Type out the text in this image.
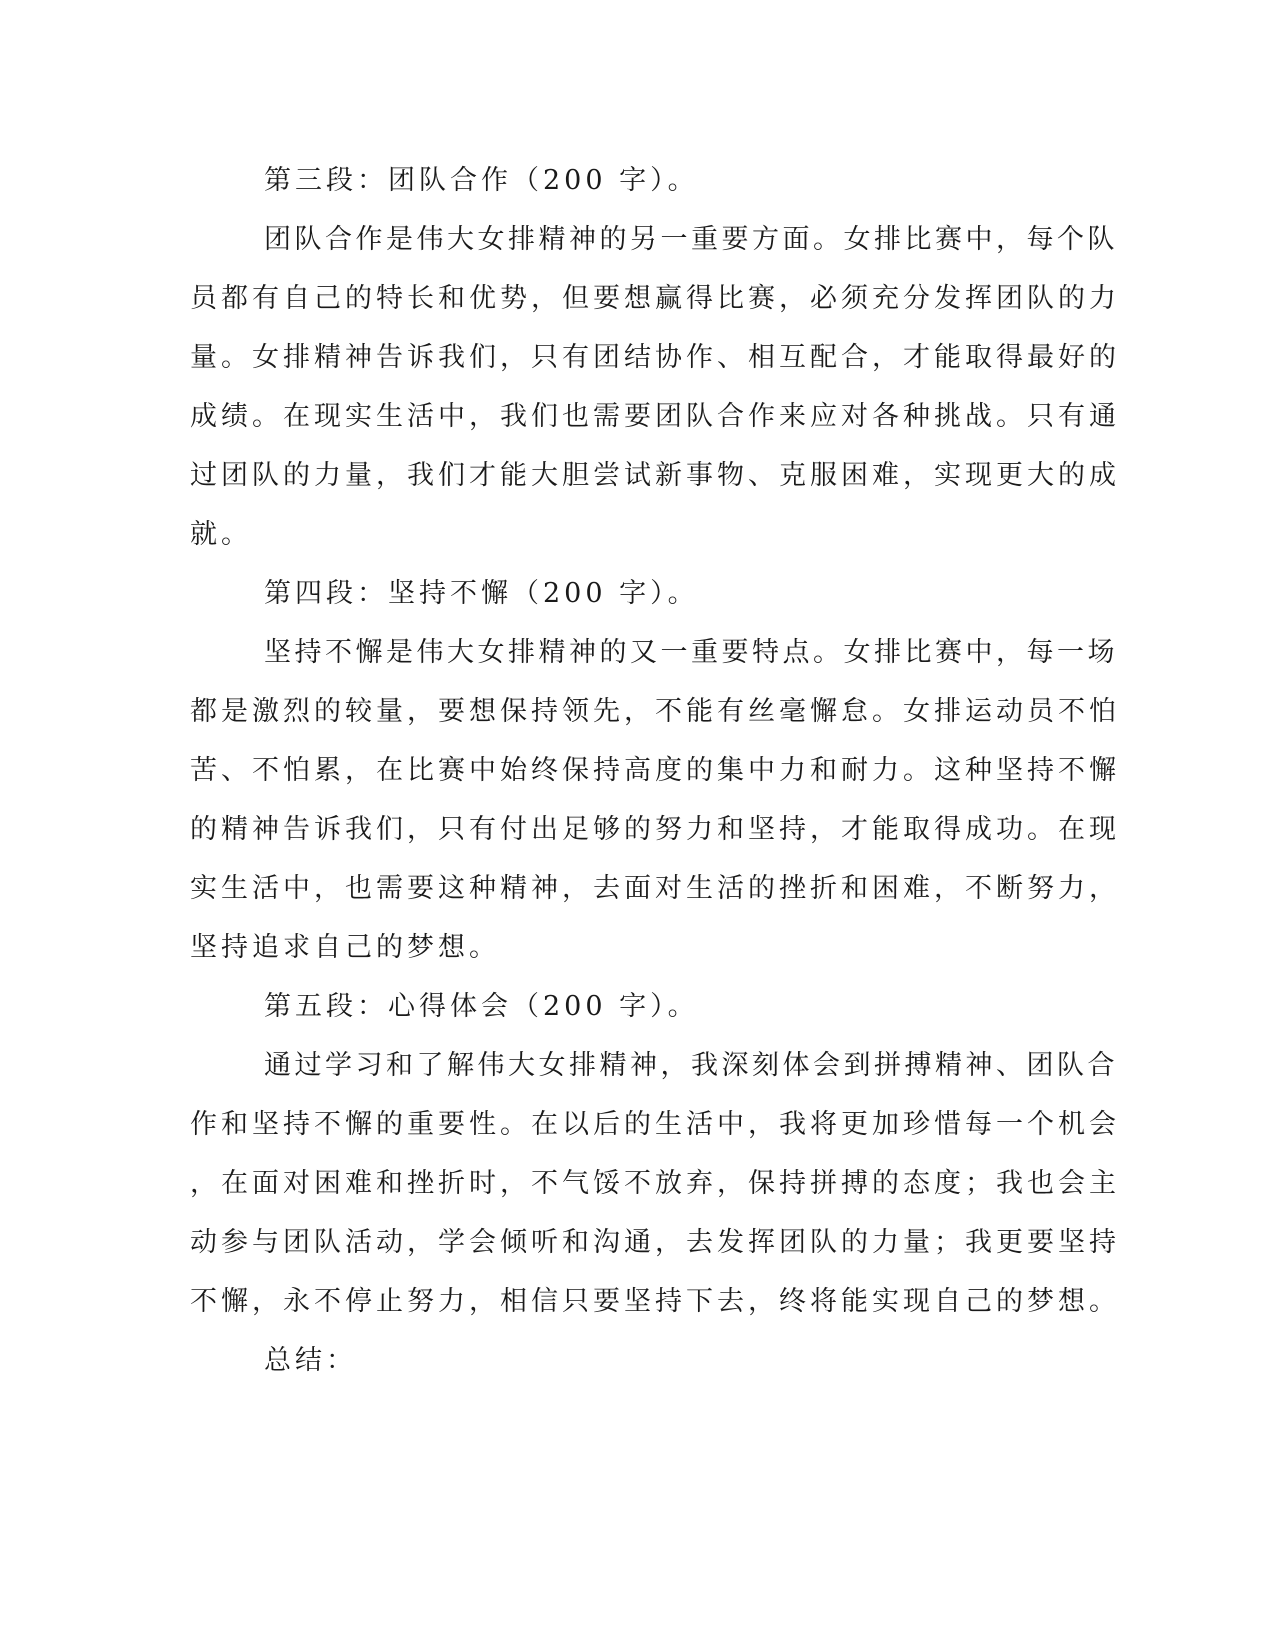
第三段：团队合作（200 字）。
团队合作是伟大女排精神的另一重要方面。女排比赛中，每个队
员都有自己的特长和优势，但要想赢得比赛，必须充分发挥团队的力
量。女排精神告诉我们，只有团结协作、相互配合，才能取得最好的
成绩。在现实生活中，我们也需要团队合作来应对各种挑战。只有通
过团队的力量，我们才能大胆尝试新事物、克服困难，实现更大的成
就。
第四段：坚持不懈（200 字）。
坚持不懈是伟大女排精神的又一重要特点。女排比赛中，每一场
都是激烈的较量，要想保持领先，不能有丝毫懈怠。女排运动员不怕
苦、不怕累，在比赛中始终保持高度的集中力和耐力。这种坚持不懈
的精神告诉我们，只有付出足够的努力和坚持，才能取得成功。在现
实生活中，也需要这种精神，去面对生活的挫折和困难，不断努力，
坚持追求自己的梦想。
第五段：心得体会（200 字）。
通过学习和了解伟大女排精神，我深刻体会到拼搏精神、团队合
作和坚持不懈的重要性。在以后的生活中，我将更加珍惜每一个机会
，在面对困难和挫折时，不气馁不放弃，保持拼搏的态度；我也会主
动参与团队活动，学会倾听和沟通，去发挥团队的力量；我更要坚持
不懈，永不停止努力，相信只要坚持下去，终将能实现自己的梦想。
总结：
